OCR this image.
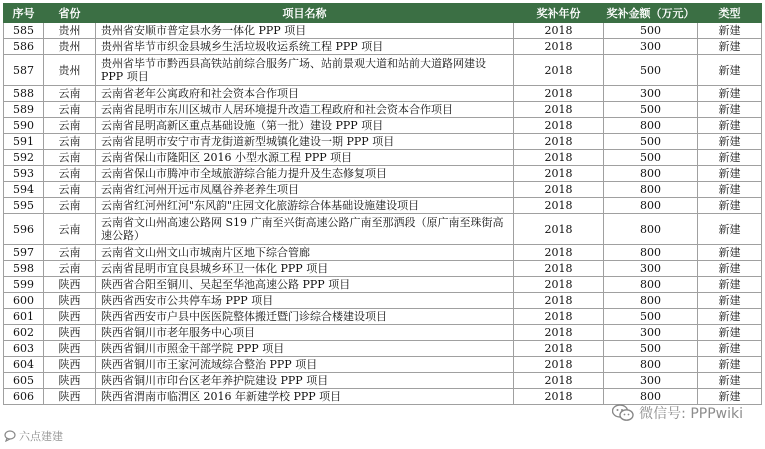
序号	省份	项目名称	奖补年份	奖补金额（万元）	类型
585	贵州	贵州省安顺市普定县水务一体化 PPP 项目	2018	500	新建
586	贵州	贵州省毕节市织金县城乡生活垃圾收运系统工程 PPP 项目	2018	300	新建
587	贵州	贵州省毕节市黔西县高铁站前综合服务广场、站前景观大道和站前大道路网建设 PPP 项目	2018	500	新建
588	云南	云南省老年公寓政府和社会资本合作项目	2018	300	新建
589	云南	云南省昆明市东川区城市人居环境提升改造工程政府和社会资本合作项目	2018	500	新建
590	云南	云南省昆明高新区重点基础设施（第一批）建设 PPP 项目	2018	800	新建
591	云南	云南省昆明市安宁市青龙街道新型城镇化建设一期 PPP 项目	2018	500	新建
592	云南	云南省保山市隆阳区 2016 小型水源工程 PPP 项目	2018	500	新建
593	云南	云南省保山市腾冲市全域旅游综合能力提升及生态修复项目	2018	800	新建
594	云南	云南省红河州开远市凤凰谷养老养生项目	2018	800	新建
595	云南	云南省红河州红河"东风韵"庄园文化旅游综合体基础设施建设项目	2018	800	新建
596	云南	云南省文山州高速公路网 S19 广南至兴街高速公路广南至那洒段（原广南至珠街高速公路）	2018	800	新建
597	云南	云南省文山州文山市城南片区地下综合管廊	2018	800	新建
598	云南	云南省昆明市宜良县城乡环卫一体化 PPP 项目	2018	300	新建
599	陕西	陕西省合阳至铜川、吴起至华池高速公路 PPP 项目	2018	800	新建
600	陕西	陕西省西安市公共停车场 PPP 项目	2018	800	新建
601	陕西	陕西省西安市户县中医医院整体搬迁暨门诊综合楼建设项目	2018	500	新建
602	陕西	陕西省铜川市老年服务中心项目	2018	300	新建
603	陕西	陕西省铜川市照金干部学院 PPP 项目	2018	500	新建
604	陕西	陕西省铜川市王家河流域综合整治 PPP 项目	2018	800	新建
605	陕西	陕西省铜川市印台区老年养护院建设 PPP 项目	2018	300	新建
606	陕西	陕西省渭南市临渭区 2016 年新建学校 PPP 项目	2018	800	新建
微信号: PPPwiki
六点建建
